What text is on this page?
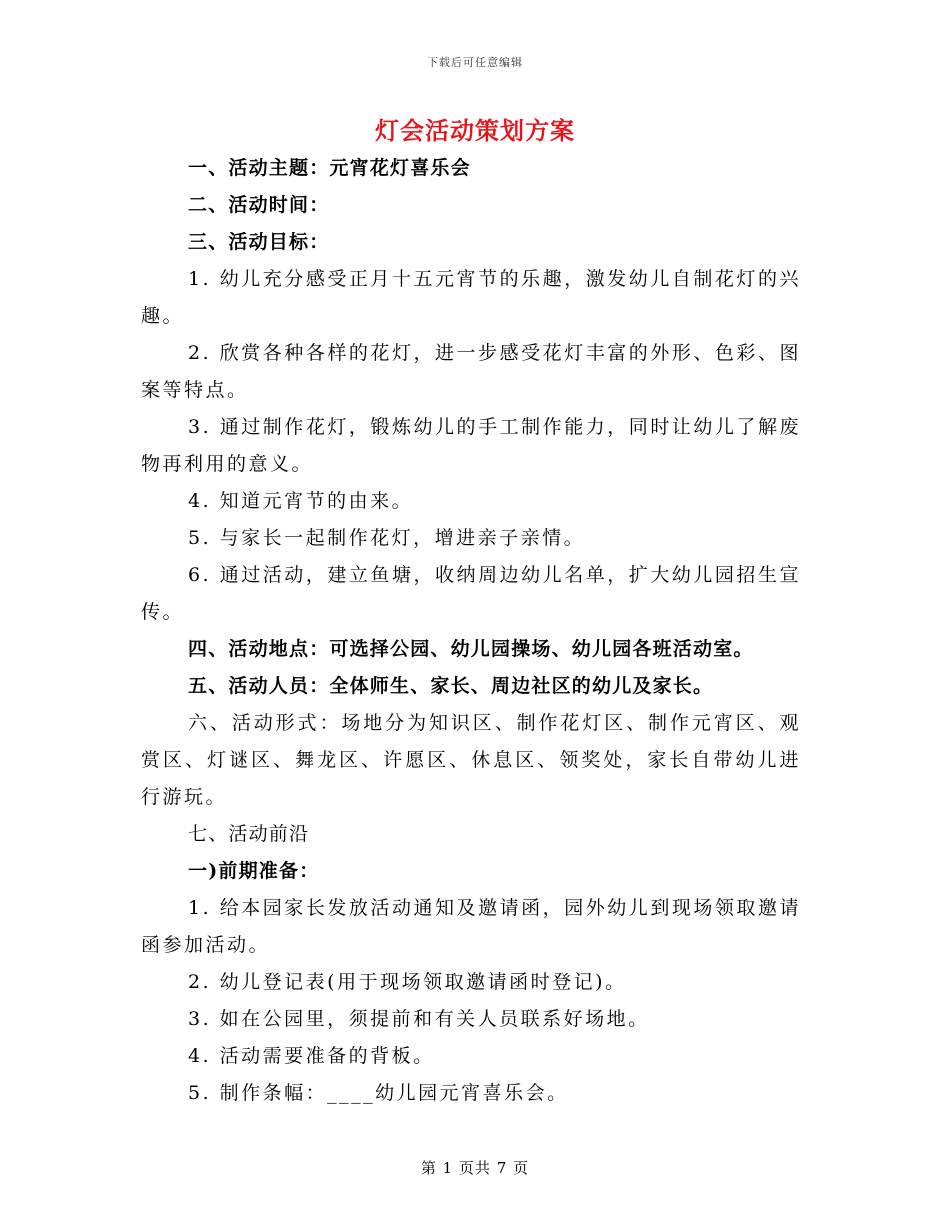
下载后可任意编辑
灯会活动策划方案
一、活动主题：元宵花灯喜乐会
二、活动时间：
三、活动目标：
1. 幼儿充分感受正月十五元宵节的乐趣，激发幼儿自制花灯的兴趣。
2. 欣赏各种各样的花灯，进一步感受花灯丰富的外形、色彩、图案等特点。
3. 通过制作花灯，锻炼幼儿的手工制作能力，同时让幼儿了解废物再利用的意义。
4. 知道元宵节的由来。
5. 与家长一起制作花灯，增进亲子亲情。
6. 通过活动，建立鱼塘，收纳周边幼儿名单，扩大幼儿园招生宣传。
四、活动地点：可选择公园、幼儿园操场、幼儿园各班活动室。
五、活动人员：全体师生、家长、周边社区的幼儿及家长。
六、活动形式：场地分为知识区、制作花灯区、制作元宵区、观赏区、灯谜区、舞龙区、许愿区、休息区、领奖处，家长自带幼儿进行游玩。
七、活动前沿
一)前期准备：
1. 给本园家长发放活动通知及邀请函，园外幼儿到现场领取邀请函参加活动。
2. 幼儿登记表(用于现场领取邀请函时登记)。
3. 如在公园里，须提前和有关人员联系好场地。
4. 活动需要准备的背板。
5. 制作条幅：____幼儿园元宵喜乐会。
第 1 页共 7 页
